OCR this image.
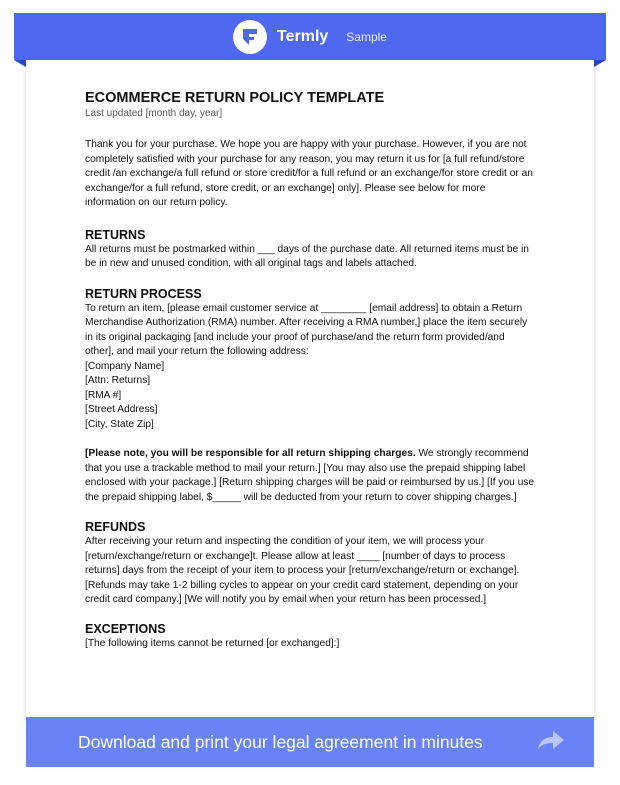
Termly Sample
ECOMMERCE RETURN POLICY TEMPLATE
Last updated [month day, year]

Thank you for your purchase. We hope you are happy with your purchase. However, if you are not completely satisfied with your purchase for any reason, you may return it us for [a full refund/store credit /an exchange/a full refund or store credit/for a full refund or an exchange/for store credit or an exchange/for a full refund, store credit, or an exchange] only]. Please see below for more information on our return policy.

RETURNS

All returns must be postmarked within ___ days of the purchase date. All returned items must be in be in new and unused condition, with all original tags and labels attached.

RETURN PROCESS

To return an item, [please email customer service at ________ [email address] to obtain a Return Merchandise Authorization (RMA) number. After receiving a RMA number,] place the item securely in its original packaging [and include your proof of purchase/and the return form provided/and other], and mail your return the following address:

[Company Name]
[Attn: Returns]
[RMA #]
[Street Address]
[City, State Zip]

[Please note, you will be responsible for all return shipping charges. We strongly recommend that you use a trackable method to mail your return.] [You may also use the prepaid shipping label enclosed with your package.] [Return shipping charges will be paid or reimbursed by us.] [If you use the prepaid shipping label, $_____ will be deducted from your return to cover shipping charges.]

REFUNDS

After receiving your return and inspecting the condition of your item, we will process your [return/exchange/return or exchange]t. Please allow at least ____ [number of days to process returns] days from the receipt of your item to process your [return/exchange/return or exchange]. [Refunds may take 1-2 billing cycles to appear on your credit card statement, depending on your credit card company.] [We will notify you by email when your return has been processed.]

EXCEPTIONS

[The following items cannot be returned [or exchanged]:]

Download and print your legal agreement in minutes
